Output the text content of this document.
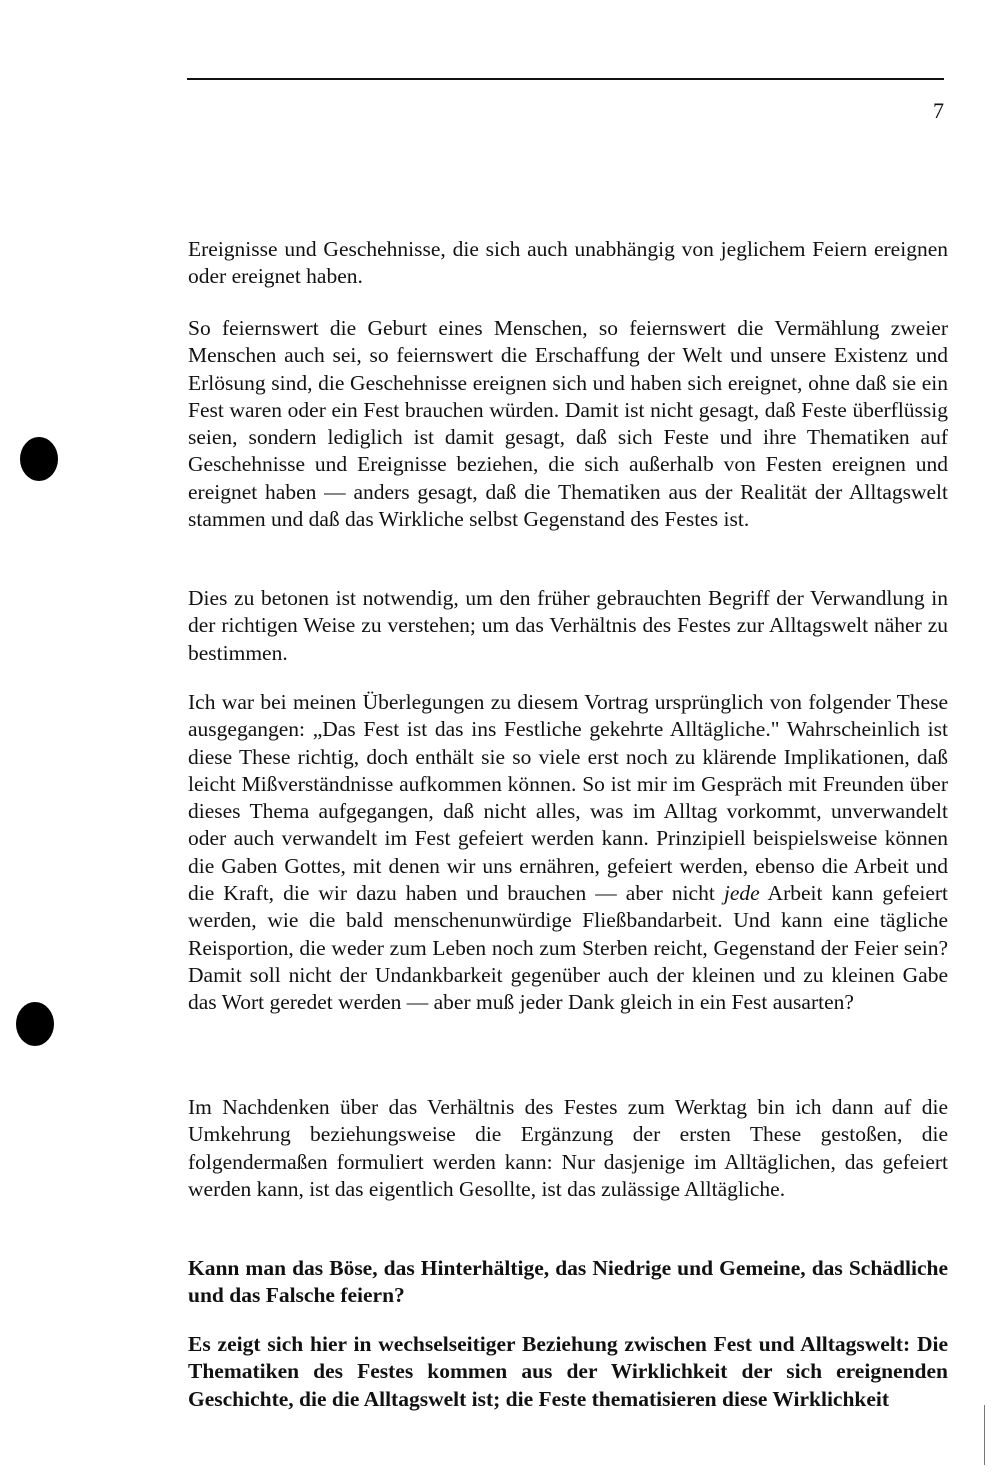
7

Ereignisse und Geschehnisse, die sich auch unabhängig von jeglichem Feiern ereignen oder ereignet haben.

So feiernswert die Geburt eines Menschen, so feiernswert die Vermählung zweier Menschen auch sei, so feiernswert die Erschaffung der Welt und unsere Existenz und Erlösung sind, die Geschehnisse ereignen sich und haben sich ereignet, ohne daß sie ein Fest waren oder ein Fest brauchen würden. Damit ist nicht gesagt, daß Feste überflüssig seien, sondern lediglich ist damit gesagt, daß sich Feste und ihre Thematiken auf Geschehnisse und Ereignisse beziehen, die sich außerhalb von Festen ereignen und ereignet haben — anders gesagt, daß die Thematiken aus der Realität der Alltagswelt stammen und daß das Wirkliche selbst Gegenstand des Festes ist.

Dies zu betonen ist notwendig, um den früher gebrauchten Begriff der Verwandlung in der richtigen Weise zu verstehen; um das Verhältnis des Festes zur Alltagswelt näher zu bestimmen.

Ich war bei meinen Überlegungen zu diesem Vortrag ursprünglich von folgender These ausgegangen: „Das Fest ist das ins Festliche gekehrte Alltägliche." Wahrscheinlich ist diese These richtig, doch enthält sie so viele erst noch zu klärende Implikationen, daß leicht Mißverständnisse aufkommen können. So ist mir im Gespräch mit Freunden über dieses Thema aufgegangen, daß nicht alles, was im Alltag vorkommt, unverwandelt oder auch verwandelt im Fest gefeiert werden kann. Prinzipiell beispielsweise können die Gaben Gottes, mit denen wir uns ernähren, gefeiert werden, ebenso die Arbeit und die Kraft, die wir dazu haben und brauchen — aber nicht jede Arbeit kann gefeiert werden, wie die bald menschenunwürdige Fließbandarbeit. Und kann eine tägliche Reisportion, die weder zum Leben noch zum Sterben reicht, Gegenstand der Feier sein? Damit soll nicht der Undankbarkeit gegenüber auch der kleinen und zu kleinen Gabe das Wort geredet werden — aber muß jeder Dank gleich in ein Fest ausarten?

Im Nachdenken über das Verhältnis des Festes zum Werktag bin ich dann auf die Umkehrung beziehungsweise die Ergänzung der ersten These gestoßen, die folgendermaßen formuliert werden kann: Nur dasjenige im Alltäglichen, das gefeiert werden kann, ist das eigentlich Gesollte, ist das zulässige Alltägliche.

Kann man das Böse, das Hinterhältige, das Niedrige und Gemeine, das Schädliche und das Falsche feiern?

Es zeigt sich hier in wechselseitiger Beziehung zwischen Fest und Alltagswelt: Die Thematiken des Festes kommen aus der Wirklichkeit der sich ereignenden Geschichte, die die Alltagswelt ist; die Feste thematisieren diese Wirklichkeit
